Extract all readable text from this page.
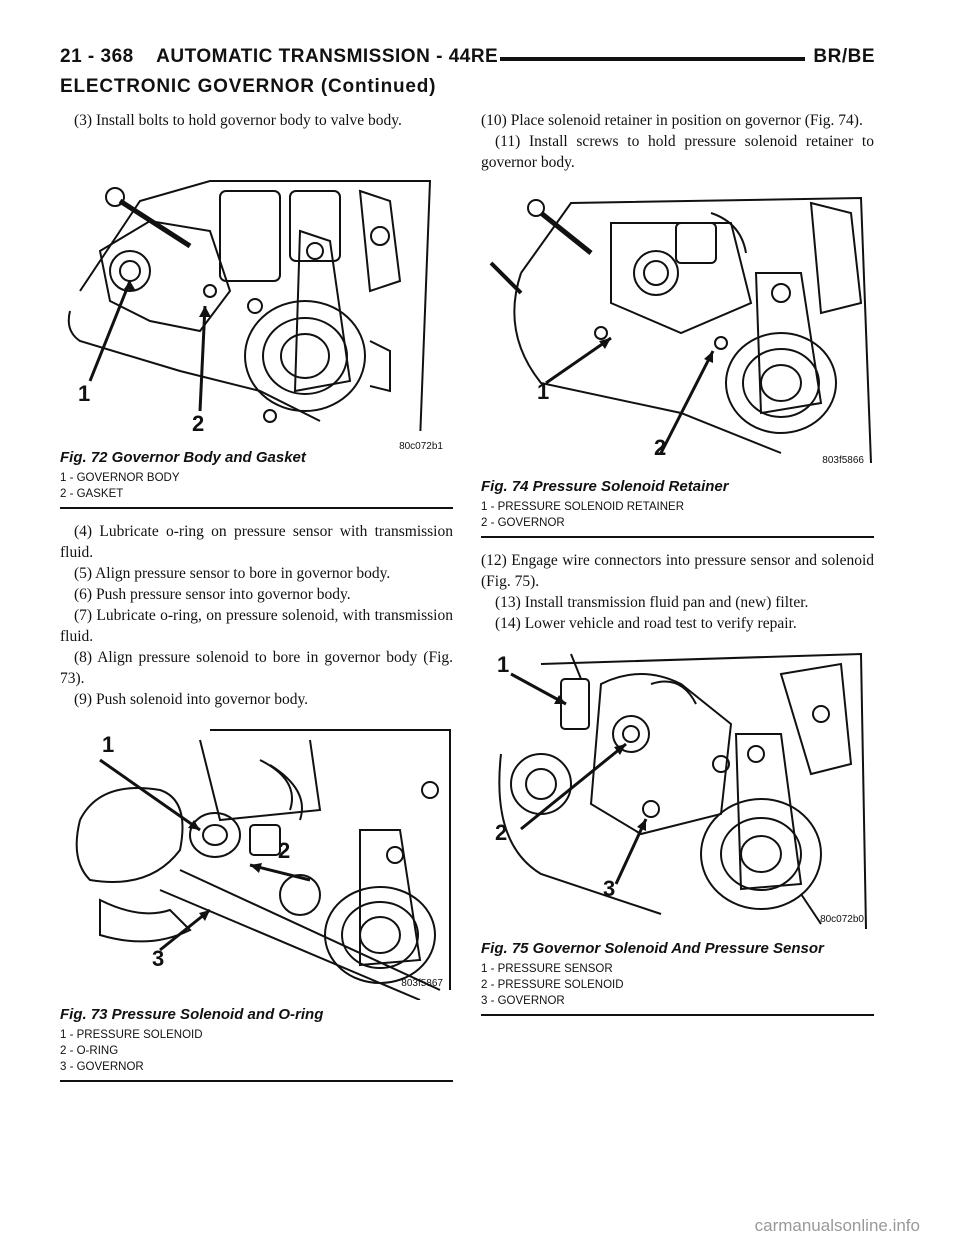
21 - 368    AUTOMATIC TRANSMISSION - 44RE	BR/BE
ELECTRONIC GOVERNOR (Continued)

(3) Install bolts to hold governor body to valve body.

1
2
80c072b1
Fig. 72 Governor Body and Gasket
1 - GOVERNOR BODY
2 - GASKET

(4) Lubricate o-ring on pressure sensor with transmission fluid.

(5) Align pressure sensor to bore in governor body.

(6) Push pressure sensor into governor body.

(7) Lubricate o-ring, on pressure solenoid, with transmission fluid.

(8) Align pressure solenoid to bore in governor body (Fig. 73).

(9) Push solenoid into governor body.

1
2
3
803f5867
Fig. 73 Pressure Solenoid and O-ring
1 - PRESSURE SOLENOID
2 - O-RING
3 - GOVERNOR

(10) Place solenoid retainer in position on governor (Fig. 74).

(11) Install screws to hold pressure solenoid retainer to governor body.

1
2
803f5866
Fig. 74 Pressure Solenoid Retainer
1 - PRESSURE SOLENOID RETAINER
2 - GOVERNOR

(12) Engage wire connectors into pressure sensor and solenoid (Fig. 75).

(13) Install transmission fluid pan and (new) filter.

(14) Lower vehicle and road test to verify repair.

1
2
3
80c072b0
Fig. 75 Governor Solenoid And Pressure Sensor
1 - PRESSURE SENSOR
2 - PRESSURE SOLENOID
3 - GOVERNOR
carmanualsonline.info
